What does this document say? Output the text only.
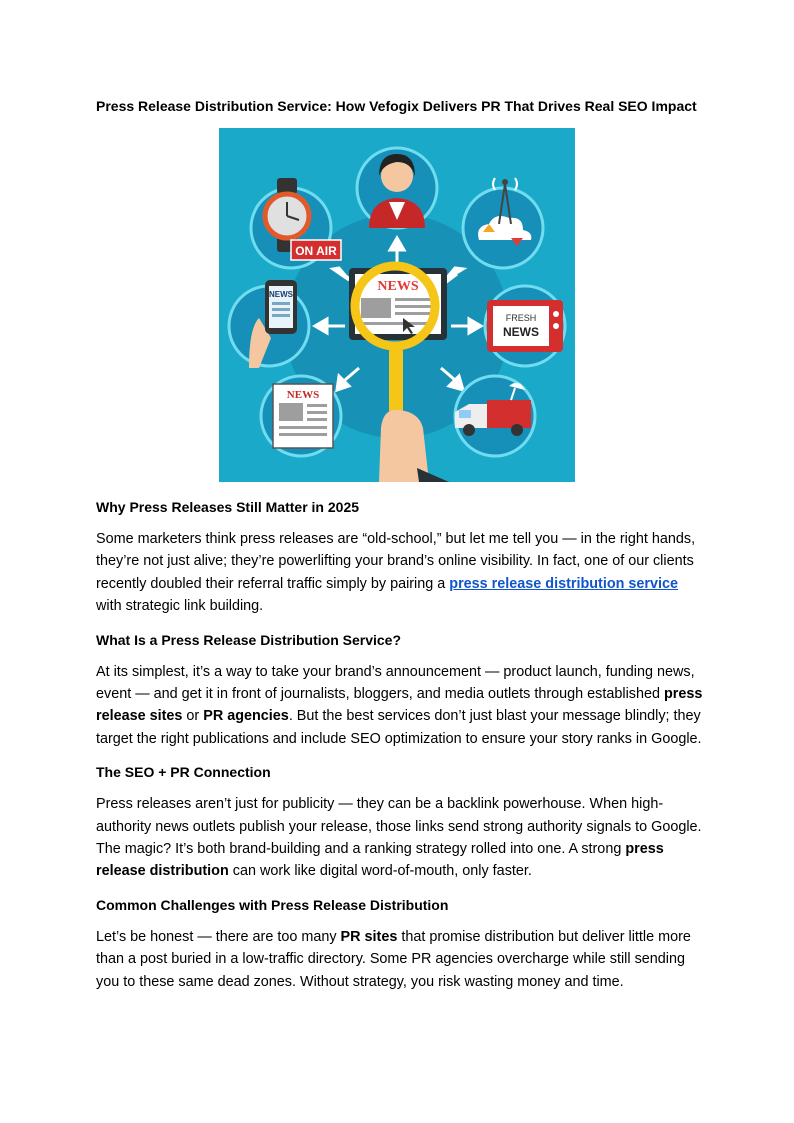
Press Release Distribution Service: How Vefogix Delivers PR That Drives Real SEO Impact
ON AIR
NEWS
FRESH
NEWS
NEWS
NEWS
Why Press Releases Still Matter in 2025

Some marketers think press releases are “old-school,” but let me tell you — in the right hands, they’re not just alive; they’re powerlifting your brand’s online visibility. In fact, one of our clients recently doubled their referral traffic simply by pairing a press release distribution service with strategic link building.

What Is a Press Release Distribution Service?

At its simplest, it’s a way to take your brand’s announcement — product launch, funding news, event — and get it in front of journalists, bloggers, and media outlets through established press release sites or PR agencies. But the best services don’t just blast your message blindly; they target the right publications and include SEO optimization to ensure your story ranks in Google.

The SEO + PR Connection

Press releases aren’t just for publicity — they can be a backlink powerhouse. When high-authority news outlets publish your release, those links send strong authority signals to Google. The magic? It’s both brand-building and a ranking strategy rolled into one. A strong press release distribution can work like digital word-of-mouth, only faster.

Common Challenges with Press Release Distribution

Let’s be honest — there are too many PR sites that promise distribution but deliver little more than a post buried in a low-traffic directory. Some PR agencies overcharge while still sending you to these same dead zones. Without strategy, you risk wasting money and time.
